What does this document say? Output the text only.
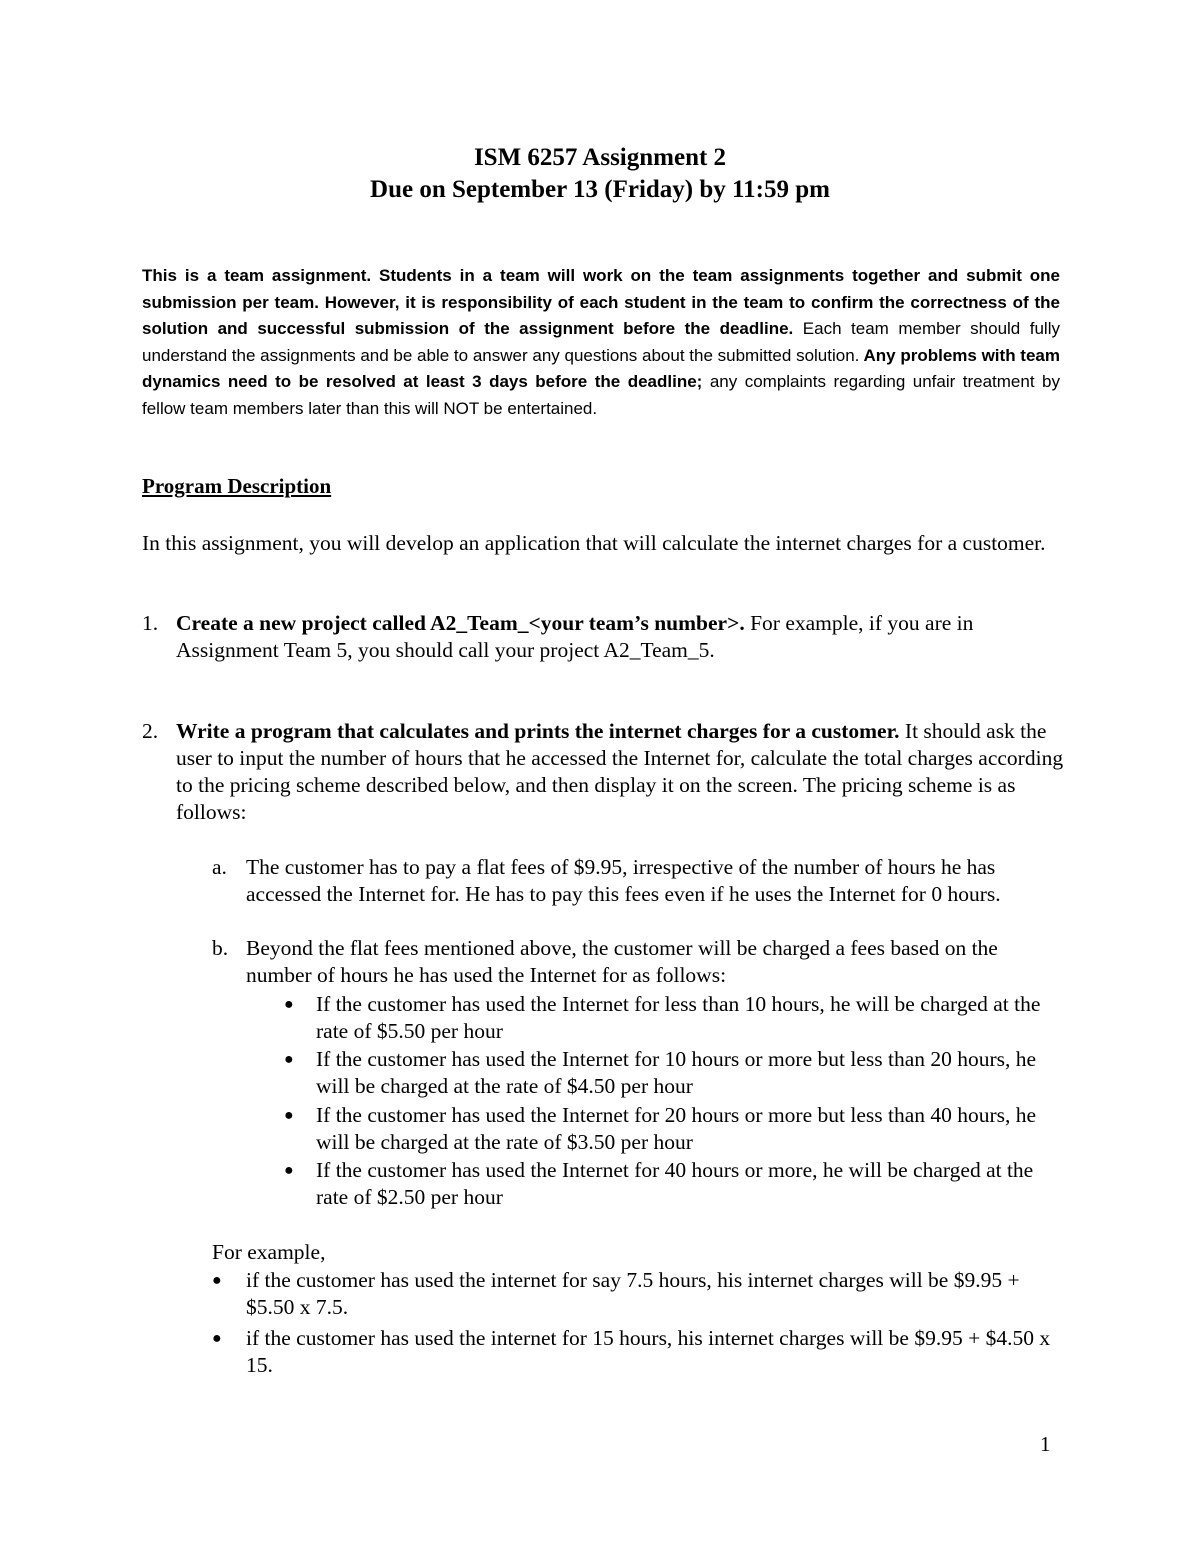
ISM 6257 Assignment 2
Due on September 13 (Friday) by 11:59 pm

This is a team assignment. Students in a team will work on the team assignments together and submit one submission per team. However, it is responsibility of each student in the team to confirm the correctness of the solution and successful submission of the assignment before the deadline. Each team member should fully understand the assignments and be able to answer any questions about the submitted solution. Any problems with team dynamics need to be resolved at least 3 days before the deadline; any complaints regarding unfair treatment by fellow team members later than this will NOT be entertained.

Program Description
In this assignment, you will develop an application that will calculate the internet charges for a customer.
1. Create a new project called A2_Team_<your team’s number>. For example, if you are in Assignment Team 5, you should call your project A2_Team_5.
2. Write a program that calculates and prints the internet charges for a customer. It should ask the user to input the number of hours that he accessed the Internet for, calculate the total charges according to the pricing scheme described below, and then display it on the screen. The pricing scheme is as follows:
a. The customer has to pay a flat fees of $9.95, irrespective of the number of hours he has accessed the Internet for. He has to pay this fees even if he uses the Internet for 0 hours.
b. Beyond the flat fees mentioned above, the customer will be charged a fees based on the number of hours he has used the Internet for as follows:
● If the customer has used the Internet for less than 10 hours, he will be charged at the rate of $5.50 per hour
● If the customer has used the Internet for 10 hours or more but less than 20 hours, he will be charged at the rate of $4.50 per hour
● If the customer has used the Internet for 20 hours or more but less than 40 hours, he will be charged at the rate of $3.50 per hour
● If the customer has used the Internet for 40 hours or more, he will be charged at the rate of $2.50 per hour
For example,
● if the customer has used the internet for say 7.5 hours, his internet charges will be $9.95 + $5.50 x 7.5.
● if the customer has used the internet for 15 hours, his internet charges will be $9.95 + $4.50 x 15.
1
